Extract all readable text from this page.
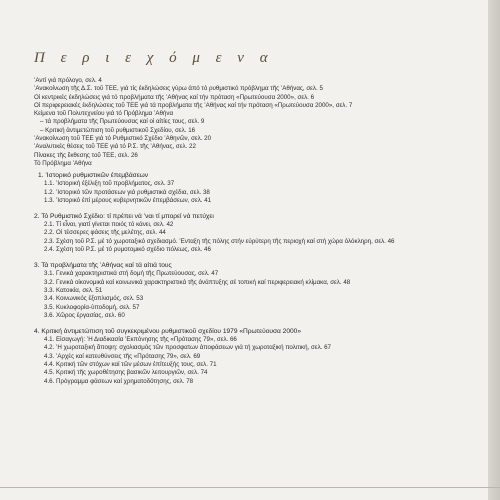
Π ε ρ ι ε χ ό μ ε ν α
ʼΑντί γιά πρόλογο, σελ. 4
ʼΑνακοίνωση τῆς Δ.Σ. τοῦ ΤΕΕ, γιά τίς ἐκδηλώσεις γύρω ἀπό τό ρυθμιστικό πρόβλημα τῆς ʼΑθήνας, σελ. 5
Οἱ κεντρικές ἐκδηλώσεις γιά τό προβλήματα τῆς ʼΑθήνας καί τήν πρόταση «Πρωτεύουσα 2000», σελ. 6
Οἱ περιφερειακές ἐκδηλώσεις τοῦ ΤΕΕ γιά τά προβλήματα τῆς ʼΑθήνας καί τήν πρόταση «Πρωτεύουσα 2000», σελ. 7
Κείμενα τοῦ Πολυτεχνείου γιά τό Πρόβλημα ʼΑθήνα
– τά προβλήματα τῆς Πρωτεύουσας καί οἱ αἰτίες τους, σελ. 9
– Κριτική ἀντιμετώπιση τοῦ ρυθμιστικοῦ Σχεδίου, σελ. 16
ʼΑνακοίνωση τοῦ ΤΕΕ γιά τό Ρυθμιστικό Σχέδιο ʼΑθηνῶν, σελ. 20
ʼΑναλυτικές θέσεις τοῦ ΤΕΕ γιά τό Ρ.Σ. τῆς ʼΑθήνας, σελ. 22
Πίνακες τῆς ἔκθεσης τοῦ ΤΕΕ, σελ. 26
Τό Πρόβλημα ʼΑθήνα
1. ʼΙστορικό ρυθμιστικῶν ἐπεμβάσεων
1.1. ʼΙστορική ἐξέλιξη τοῦ προβλήματος, σελ. 37
1.2. ʼΙστορικό τῶν προτάσεων γιά ρυθμιστικά σχέδια, σελ. 38
1.3. ʼΙστορικό ἐπί μέρους κυβερνητικῶν ἐπεμβάσεων, σελ. 41
2. Τό Ρυθμιστικό Σχέδιο: τί πρέπει νά ʼναι τί μπορεί νά πετύχει
2.1. Τί εἶναι, γιατί γίνεται ποιός τό κάνει, σελ. 42
2.2. Οἱ τέσσερες φάσεις τῆς μελέτης, σελ. 44
2.3. Σχέση τοῦ Ρ.Σ. μέ τό χωροταξικό σχεδιασμό. ʼΕνταξη τῆς πόλης στήν εὐρύτερη τῆς περιοχή καί στή χώρα ὁλόκληρη, σελ. 46
2.4. Σχέση τοῦ Ρ.Σ. μέ τό ρυμοτομικό σχέδιο πόλεως, σελ. 46
3. Τά προβλήματα τῆς ʼΑθήνας καί τά αἰτιά τους
3.1. Γενικά χαρακτηριστικά στή δομή τῆς Πρωτεύουσας, σελ. 47
3.2. Γενικά οἰκονομικά καί κοινωνικά χαρακτηριστικά τῆς ἀνάπτυξης σέ τοπική καί περιφερειακή κλίμακα, σελ. 48
3.3. Κατοικία, σελ. 51
3.4. Κοινωνικός ἐξοπλισμός, σελ. 53
3.5. Κυκλοφορία-ὑποδομή, σελ. 57
3.6. Χῶρος ἐργασίας, σελ. 60
4. Κριτική ἀντιμετώπιση τοῦ συγκεκριμένου ρυθμιστικοῦ σχεδίου 1979 «Πρωτεύουσα 2000»
4.1. Εἰσαγωγή: ʼΗ Διαδικασία ʼΕκπόνησης τῆς «Πρότασης 79», σελ. 66
4.2. ʼΗ χωροταξική ἄποψη: σχολιασμός τῶν προσφατων ἀποφάσεων γιά τή χωροταξική πολιτική, σελ. 67
4.3. ʼΑρχές καί κατευθύνσεις τῆς «Πρότασης 79», σελ. 69
4.4. Κριτική τῶν στόχων καί τῶν μέσων ἐπίτευξής τους, σελ. 71
4.5. Κριτική τῆς χωροθέτησης βασικῶν λειτουργιῶν, σελ. 74
4.6. Πρόγραμμα φάσεων καί χρηματοδότησης, σελ. 78
